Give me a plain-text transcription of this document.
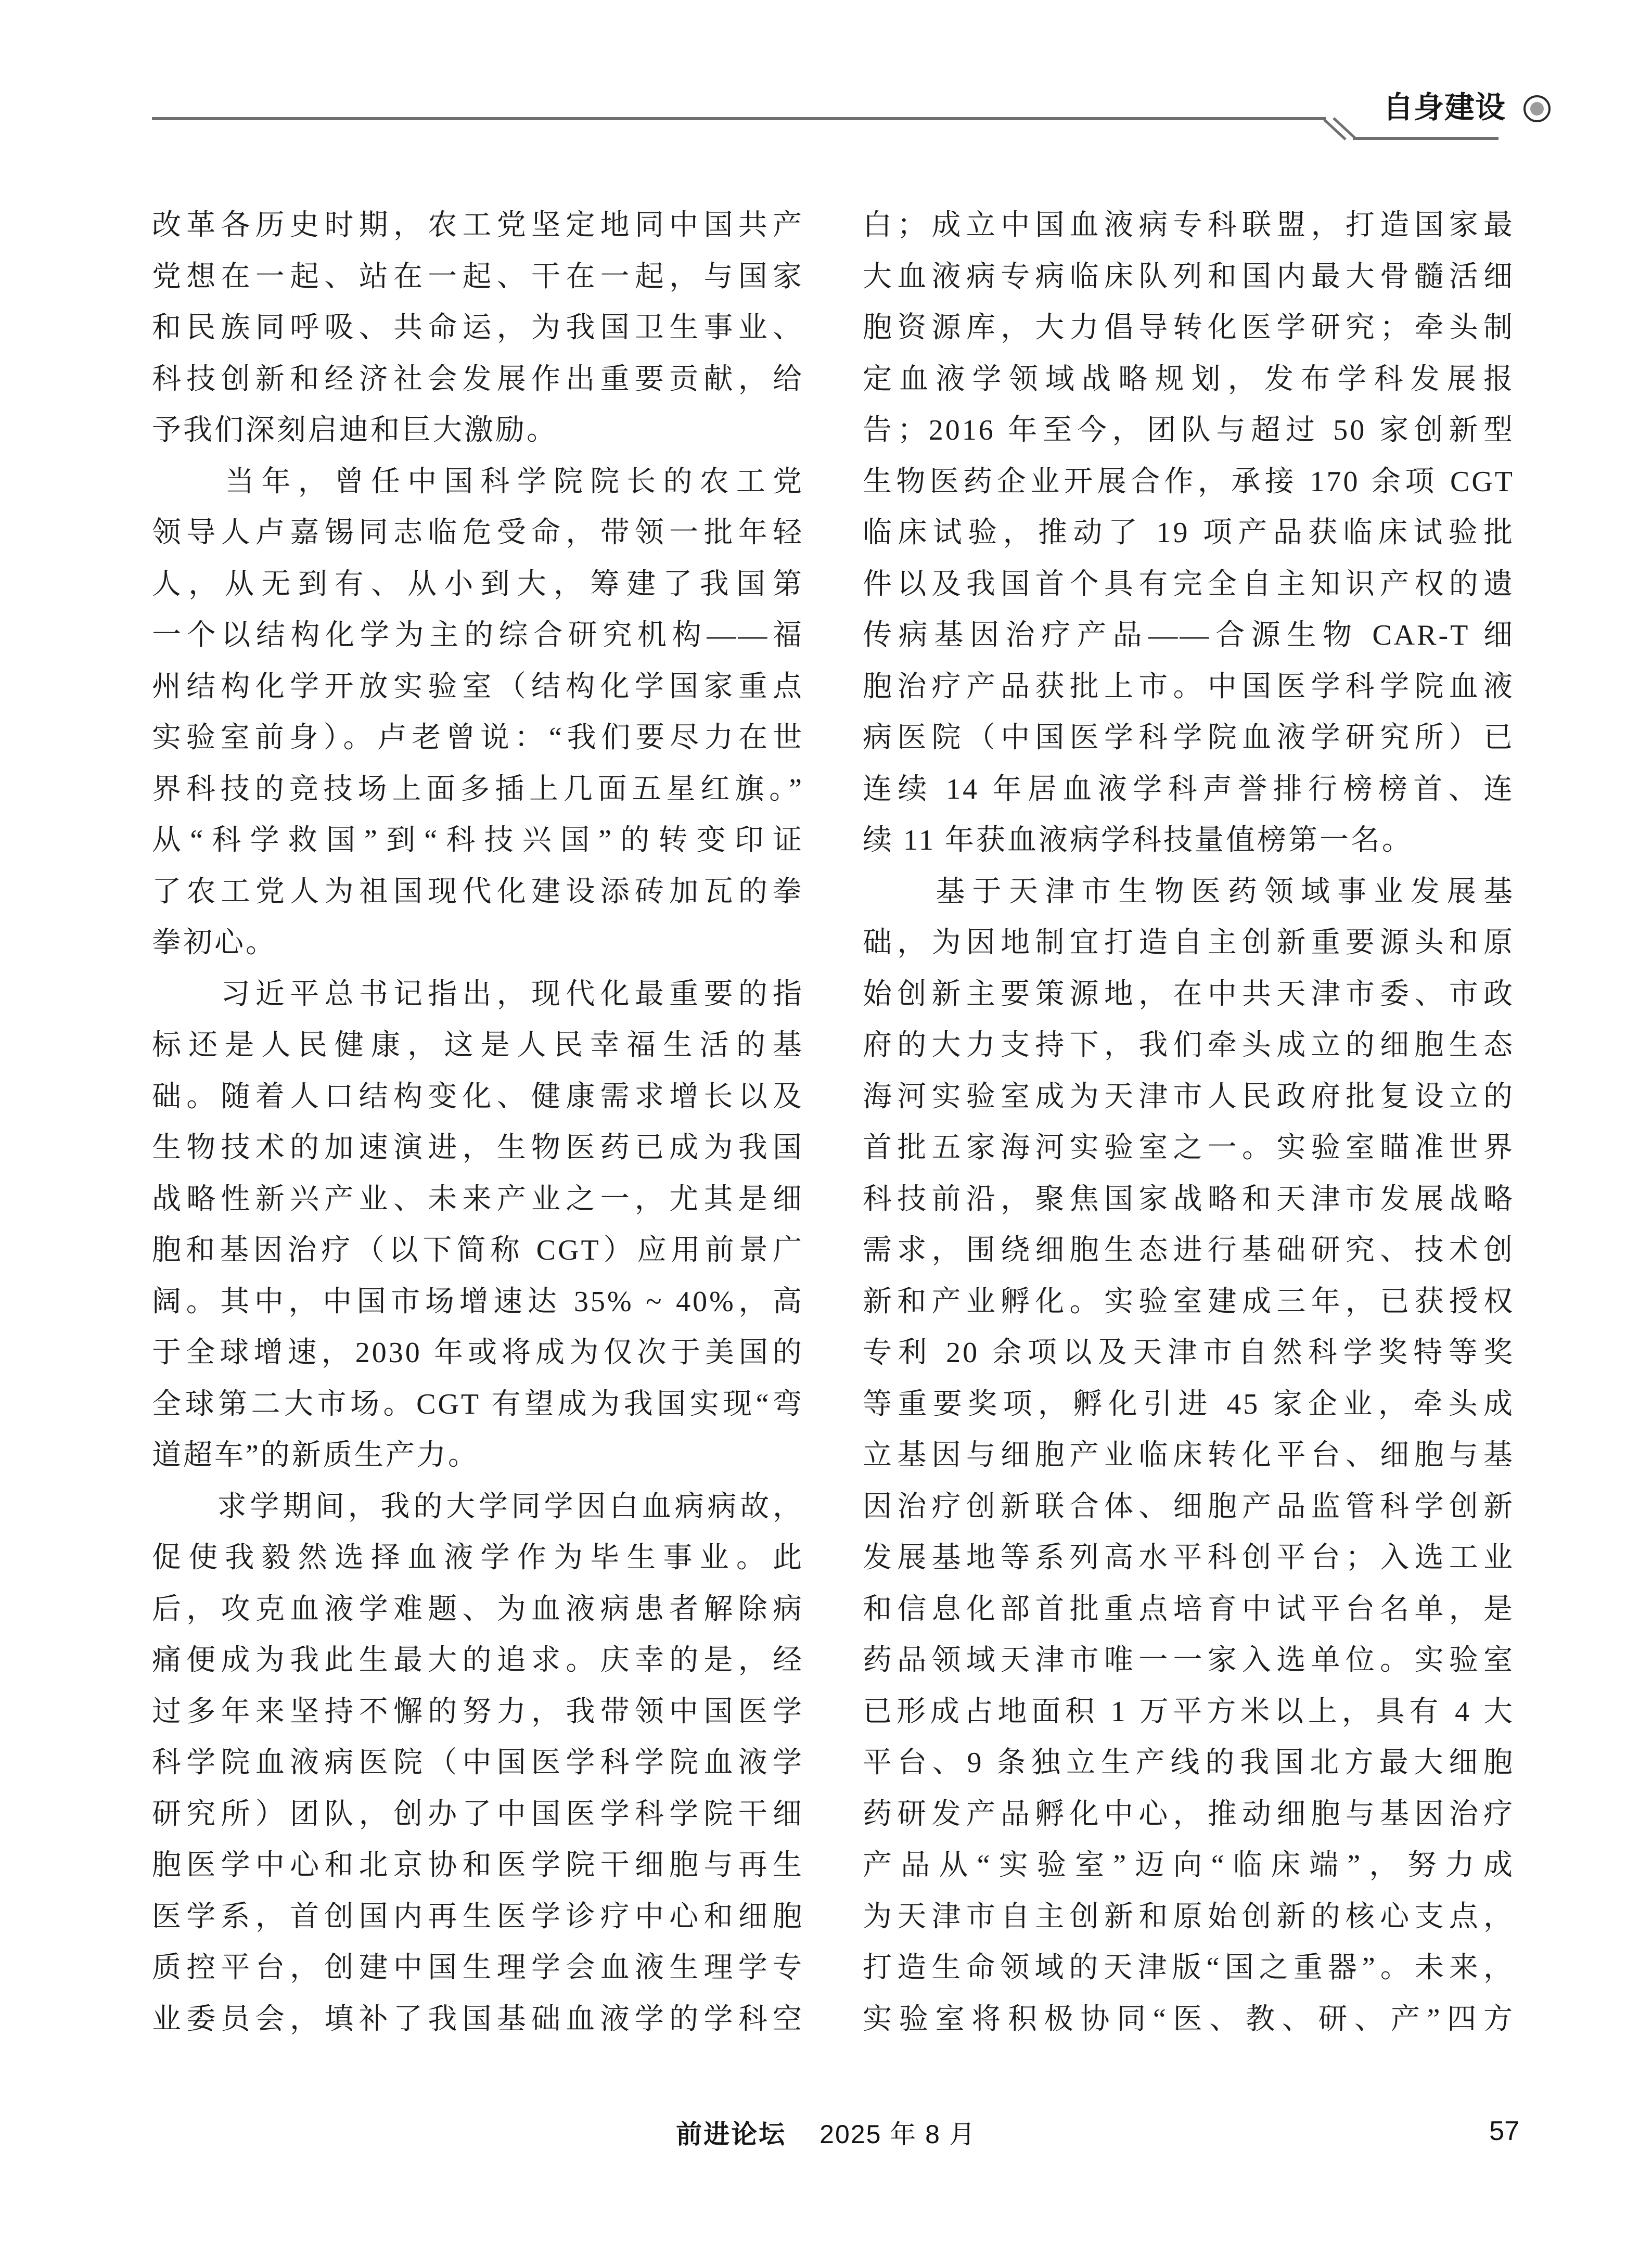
自身建设
改革各历史时期，农工党坚定地同中国共产
党想在一起、站在一起、干在一起，与国家
和民族同呼吸、共命运，为我国卫生事业、
科技创新和经济社会发展作出重要贡献，给
予我们深刻启迪和巨大激励。
　　当年，曾任中国科学院院长的农工党
领导人卢嘉锡同志临危受命，带领一批年轻
人，从无到有、从小到大，筹建了我国第
一个以结构化学为主的综合研究机构——福
州结构化学开放实验室（结构化学国家重点
实验室前身）。卢老曾说：“我们要尽力在世
界科技的竞技场上面多插上几面五星红旗。”
从“科学救国”到“科技兴国”的转变印证
了农工党人为祖国现代化建设添砖加瓦的拳
拳初心。
　　习近平总书记指出，现代化最重要的指
标还是人民健康，这是人民幸福生活的基
础。随着人口结构变化、健康需求增长以及
生物技术的加速演进，生物医药已成为我国
战略性新兴产业、未来产业之一，尤其是细
胞和基因治疗（以下简称 CGT）应用前景广
阔。其中，中国市场增速达 35% ~ 40%，高
于全球增速，2030 年或将成为仅次于美国的
全球第二大市场。CGT 有望成为我国实现“弯
道超车”的新质生产力。
　　求学期间，我的大学同学因白血病病故，
促使我毅然选择血液学作为毕生事业。此
后，攻克血液学难题、为血液病患者解除病
痛便成为我此生最大的追求。庆幸的是，经
过多年来坚持不懈的努力，我带领中国医学
科学院血液病医院（中国医学科学院血液学
研究所）团队，创办了中国医学科学院干细
胞医学中心和北京协和医学院干细胞与再生
医学系，首创国内再生医学诊疗中心和细胞
质控平台，创建中国生理学会血液生理学专
业委员会，填补了我国基础血液学的学科空
白；成立中国血液病专科联盟，打造国家最
大血液病专病临床队列和国内最大骨髓活细
胞资源库，大力倡导转化医学研究；牵头制
定血液学领域战略规划，发布学科发展报
告；2016 年至今，团队与超过 50 家创新型
生物医药企业开展合作，承接 170 余项 CGT
临床试验，推动了 19 项产品获临床试验批
件以及我国首个具有完全自主知识产权的遗
传病基因治疗产品——合源生物 CAR-T 细
胞治疗产品获批上市。中国医学科学院血液
病医院（中国医学科学院血液学研究所）已
连续 14 年居血液学科声誉排行榜榜首、连
续 11 年获血液病学科技量值榜第一名。
　　基于天津市生物医药领域事业发展基
础，为因地制宜打造自主创新重要源头和原
始创新主要策源地，在中共天津市委、市政
府的大力支持下，我们牵头成立的细胞生态
海河实验室成为天津市人民政府批复设立的
首批五家海河实验室之一。实验室瞄准世界
科技前沿，聚焦国家战略和天津市发展战略
需求，围绕细胞生态进行基础研究、技术创
新和产业孵化。实验室建成三年，已获授权
专利 20 余项以及天津市自然科学奖特等奖
等重要奖项，孵化引进 45 家企业，牵头成
立基因与细胞产业临床转化平台、细胞与基
因治疗创新联合体、细胞产品监管科学创新
发展基地等系列高水平科创平台；入选工业
和信息化部首批重点培育中试平台名单，是
药品领域天津市唯一一家入选单位。实验室
已形成占地面积 1 万平方米以上，具有 4 大
平台、9 条独立生产线的我国北方最大细胞
药研发产品孵化中心，推动细胞与基因治疗
产品从“实验室”迈向“临床端”，努力成
为天津市自主创新和原始创新的核心支点，
打造生命领域的天津版“国之重器”。未来，
实验室将积极协同“医、教、研、产”四方
前进论坛 2025 年 8 月	57
